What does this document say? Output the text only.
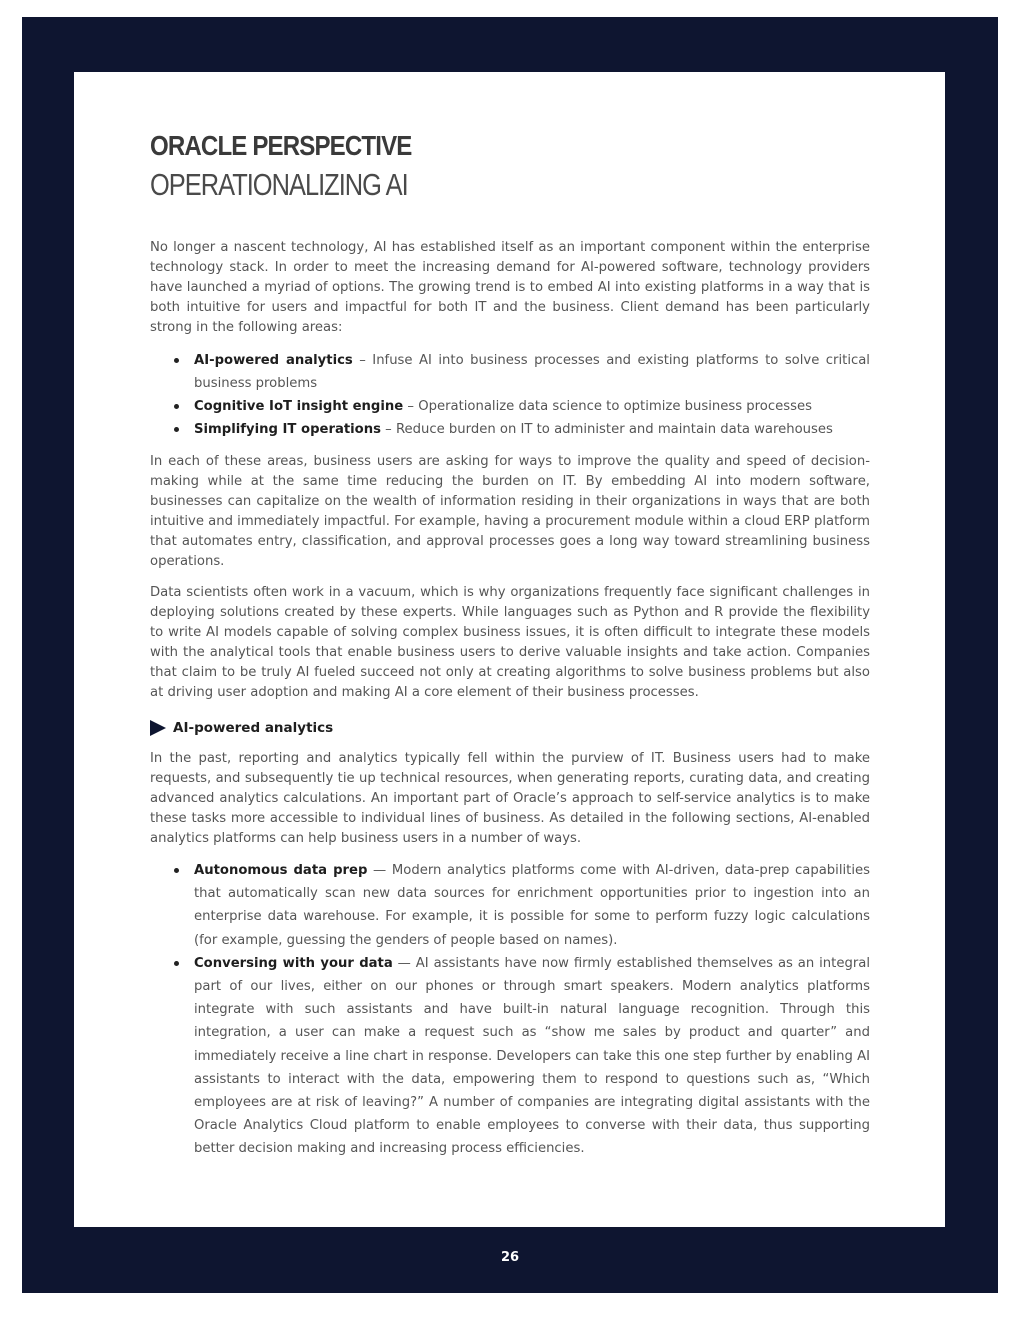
ORACLE PERSPECTIVE
OPERATIONALIZING AI

No longer a nascent technology, AI has established itself as an important component within the enterprise technology stack. In order to meet the increasing demand for AI-powered software, technology providers have launched a myriad of options. The growing trend is to embed AI into existing platforms in a way that is both intuitive for users and impactful for both IT and the business. Client demand has been particularly strong in the following areas:

AI-powered analytics – Infuse AI into business processes and existing platforms to solve critical business problems
Cognitive IoT insight engine – Operationalize data science to optimize business processes
Simplifying IT operations – Reduce burden on IT to administer and maintain data warehouses

In each of these areas, business users are asking for ways to improve the quality and speed of decision-making while at the same time reducing the burden on IT. By embedding AI into modern software, businesses can capitalize on the wealth of information residing in their organizations in ways that are both intuitive and immediately impactful. For example, having a procurement module within a cloud ERP platform that automates entry, classification, and approval processes goes a long way toward streamlining business operations.

Data scientists often work in a vacuum, which is why organizations frequently face significant challenges in deploying solutions created by these experts. While languages such as Python and R provide the flexibility to write AI models capable of solving complex business issues, it is often difficult to integrate these models with the analytical tools that enable business users to derive valuable insights and take action. Companies that claim to be truly AI fueled succeed not only at creating algorithms to solve business problems but also at driving user adoption and making AI a core element of their business processes.

AI-powered analytics

In the past, reporting and analytics typically fell within the purview of IT. Business users had to make requests, and subsequently tie up technical resources, when generating reports, curating data, and creating advanced analytics calculations. An important part of Oracle’s approach to self-service analytics is to make these tasks more accessible to individual lines of business. As detailed in the following sections, AI-enabled analytics platforms can help business users in a number of ways.

Autonomous data prep — Modern analytics platforms come with AI-driven, data-prep capabilities that automatically scan new data sources for enrichment opportunities prior to ingestion into an enterprise data warehouse. For example, it is possible for some to perform fuzzy logic calculations (for example, guessing the genders of people based on names).
Conversing with your data — AI assistants have now firmly established themselves as an integral part of our lives, either on our phones or through smart speakers. Modern analytics platforms integrate with such assistants and have built-in natural language recognition. Through this integration, a user can make a request such as “show me sales by product and quarter” and immediately receive a line chart in response. Developers can take this one step further by enabling AI assistants to interact with the data, empowering them to respond to questions such as, “Which employees are at risk of leaving?” A number of companies are integrating digital assistants with the Oracle Analytics Cloud platform to enable employees to converse with their data, thus supporting better decision making and increasing process efficiencies.
26
